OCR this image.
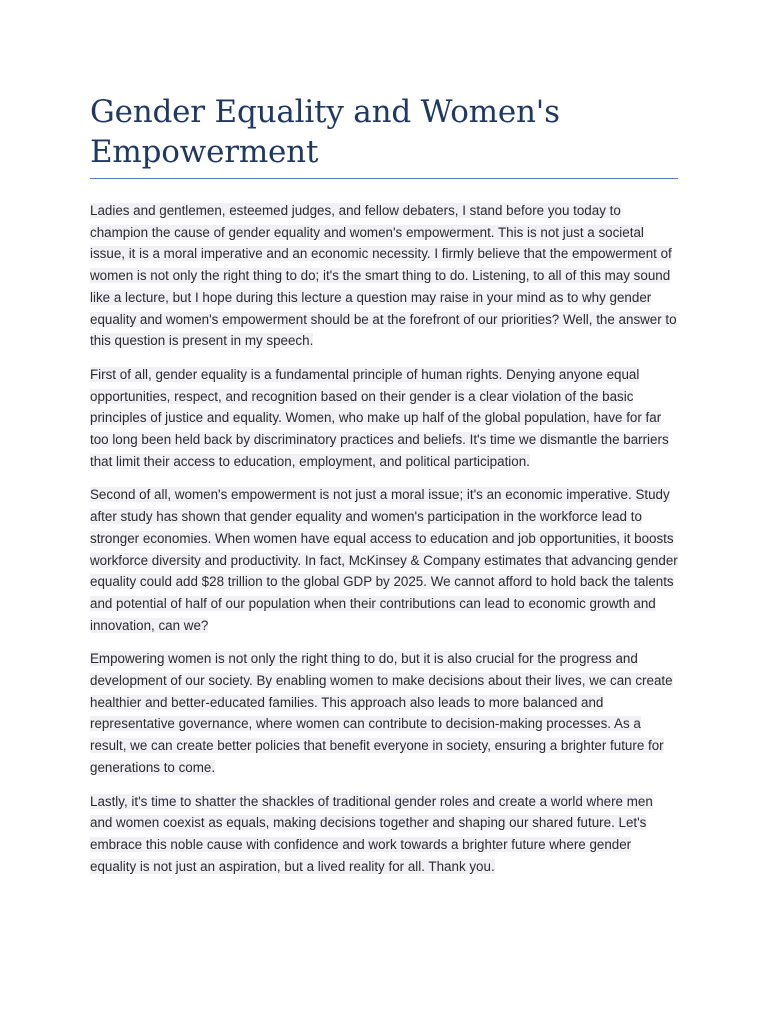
Gender Equality and Women's Empowerment

Ladies and gentlemen, esteemed judges, and fellow debaters, I stand before you today to champion the cause of gender equality and women's empowerment. This is not just a societal issue, it is a moral imperative and an economic necessity. I firmly believe that the empowerment of women is not only the right thing to do; it's the smart thing to do. Listening, to all of this may sound like a lecture, but I hope during this lecture a question may raise in your mind as to why gender equality and women's empowerment should be at the forefront of our priorities? Well, the answer to this question is present in my speech.

First of all, gender equality is a fundamental principle of human rights. Denying anyone equal opportunities, respect, and recognition based on their gender is a clear violation of the basic principles of justice and equality. Women, who make up half of the global population, have for far too long been held back by discriminatory practices and beliefs. It's time we dismantle the barriers that limit their access to education, employment, and political participation.

Second of all, women's empowerment is not just a moral issue; it's an economic imperative. Study after study has shown that gender equality and women's participation in the workforce lead to stronger economies. When women have equal access to education and job opportunities, it boosts workforce diversity and productivity. In fact, McKinsey & Company estimates that advancing gender equality could add $28 trillion to the global GDP by 2025. We cannot afford to hold back the talents and potential of half of our population when their contributions can lead to economic growth and innovation, can we?

Empowering women is not only the right thing to do, but it is also crucial for the progress and development of our society. By enabling women to make decisions about their lives, we can create healthier and better-educated families. This approach also leads to more balanced and representative governance, where women can contribute to decision-making processes. As a result, we can create better policies that benefit everyone in society, ensuring a brighter future for generations to come.

Lastly, it's time to shatter the shackles of traditional gender roles and create a world where men and women coexist as equals, making decisions together and shaping our shared future. Let's embrace this noble cause with confidence and work towards a brighter future where gender equality is not just an aspiration, but a lived reality for all. Thank you.
